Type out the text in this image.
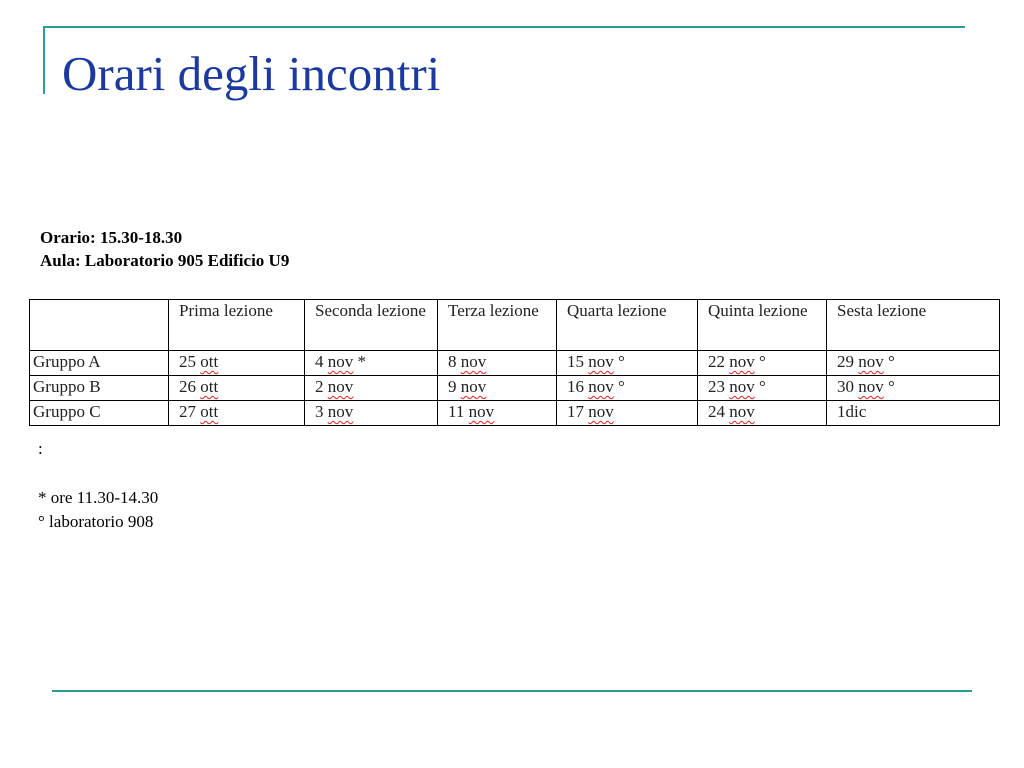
Orari degli incontri
Orario: 15.30-18.30
Aula: Laboratorio 905 Edificio U9
	Prima lezione	Seconda lezione	Terza lezione	Quarta lezione	Quinta lezione	Sesta lezione
Gruppo A	25 ott	4 nov *	8 nov	15 nov °	22 nov °	29 nov °
Gruppo B	26 ott	2 nov	9 nov	16 nov °	23 nov °	30 nov °
Gruppo C	27 ott	3 nov	11 nov	17 nov	24 nov	1dic
:
* ore 11.30-14.30
° laboratorio 908
